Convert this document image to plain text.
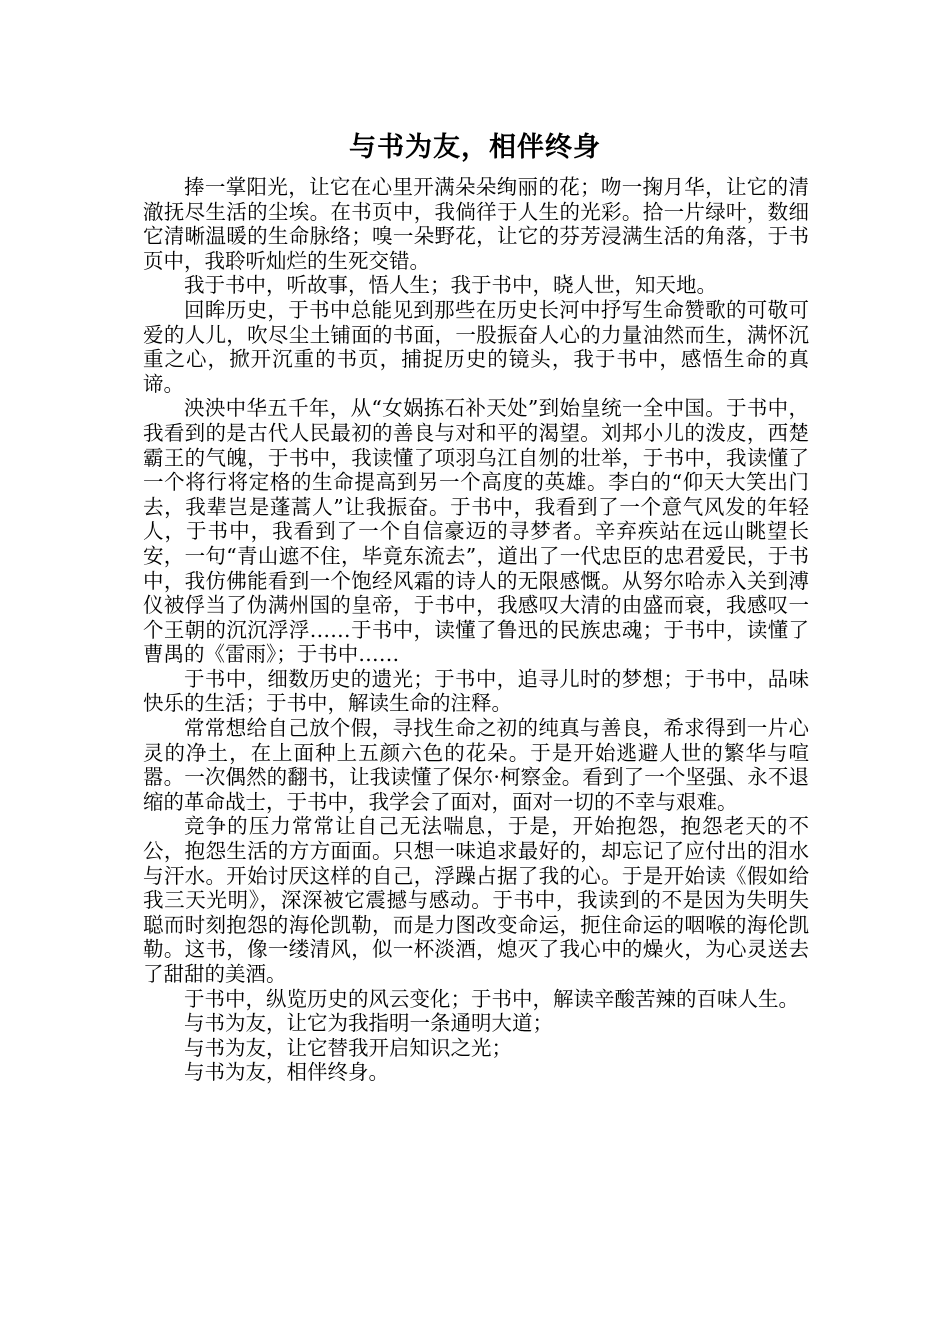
与书为友，相伴终身

捧一掌阳光，让它在心里开满朵朵绚丽的花；吻一掬月华，让它的清澈抚尽生活的尘埃。在书页中，我倘徉于人生的光彩。拾一片绿叶，数细它清晰温暖的生命脉络；嗅一朵野花，让它的芬芳浸满生活的角落，于书页中，我聆听灿烂的生死交错。

我于书中，听故事，悟人生；我于书中，晓人世，知天地。

回眸历史，于书中总能见到那些在历史长河中抒写生命赞歌的可敬可爱的人儿，吹尽尘土铺面的书面，一股振奋人心的力量油然而生，满怀沉重之心，掀开沉重的书页，捕捉历史的镜头，我于书中，感悟生命的真谛。

泱泱中华五千年，从“女娲拣石补天处”到始皇统一全中国。于书中，我看到的是古代人民最初的善良与对和平的渴望。刘邦小儿的泼皮，西楚霸王的气魄，于书中，我读懂了项羽乌江自刎的壮举，于书中，我读懂了一个将行将定格的生命提高到另一个高度的英雄。李白的“仰天大笑出门去，我辈岂是蓬蒿人”让我振奋。于书中，我看到了一个意气风发的年轻人，于书中，我看到了一个自信豪迈的寻梦者。辛弃疾站在远山眺望长安，一句“青山遮不住，毕竟东流去”，道出了一代忠臣的忠君爱民，于书中，我仿佛能看到一个饱经风霜的诗人的无限感慨。从努尔哈赤入关到溥仪被俘当了伪满州国的皇帝，于书中，我感叹大清的由盛而衰，我感叹一个王朝的沉沉浮浮……于书中，读懂了鲁迅的民族忠魂；于书中，读懂了曹禺的《雷雨》；于书中……

于书中，细数历史的遗光；于书中，追寻儿时的梦想；于书中，品味快乐的生活；于书中，解读生命的注释。

常常想给自己放个假，寻找生命之初的纯真与善良，希求得到一片心灵的净土，在上面种上五颜六色的花朵。于是开始逃避人世的繁华与喧嚣。一次偶然的翻书，让我读懂了保尔·柯察金。看到了一个坚强、永不退缩的革命战士，于书中，我学会了面对，面对一切的不幸与艰难。

竞争的压力常常让自己无法喘息，于是，开始抱怨，抱怨老天的不公，抱怨生活的方方面面。只想一味追求最好的，却忘记了应付出的泪水与汗水。开始讨厌这样的自己，浮躁占据了我的心。于是开始读《假如给我三天光明》，深深被它震撼与感动。于书中，我读到的不是因为失明失聪而时刻抱怨的海伦凯勒，而是力图改变命运，扼住命运的咽喉的海伦凯勒。这书，像一缕清风，似一杯淡酒，熄灭了我心中的燥火，为心灵送去了甜甜的美酒。

于书中，纵览历史的风云变化；于书中，解读辛酸苦辣的百味人生。

与书为友，让它为我指明一条通明大道；

与书为友，让它替我开启知识之光；

与书为友，相伴终身。
